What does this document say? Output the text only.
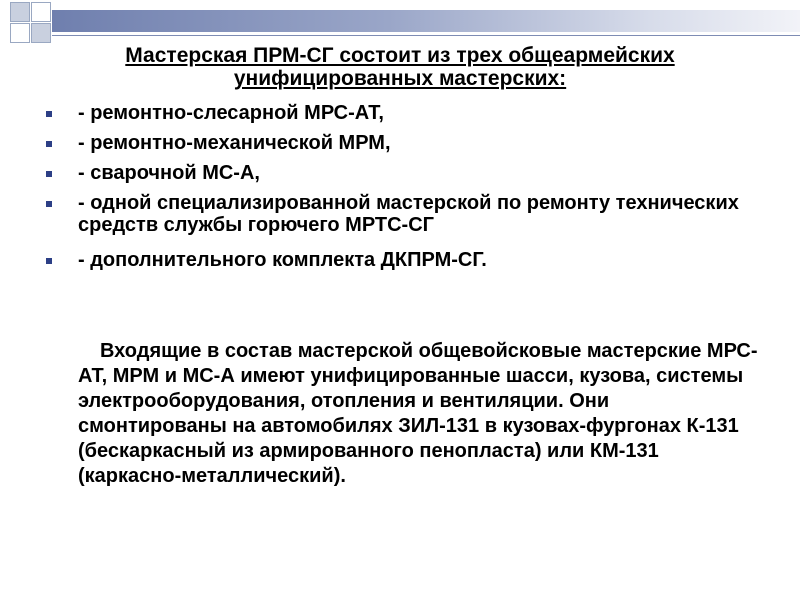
Мастерская ПРМ-СГ состоит из трех общеармейских унифицированных мастерских:
- ремонтно-слесарной МРС-АТ,
- ремонтно-механической МРМ,
- сварочной МС-А,
- одной специализированной мастерской по ремонту технических средств службы горючего МРТС-СГ
- дополнительного комплекта ДКПРМ-СГ.

Входящие в состав мастерской общевойсковые мастерские МРС-АТ, МРМ и МС-А имеют унифицированные шасси, кузова, системы электрооборудования, отопления и вентиляции. Они смонтированы на автомобилях ЗИЛ-131 в кузовах-фургонах К-131 (бескаркасный из армированного пенопласта) или КМ-131 (каркасно-металлический).
